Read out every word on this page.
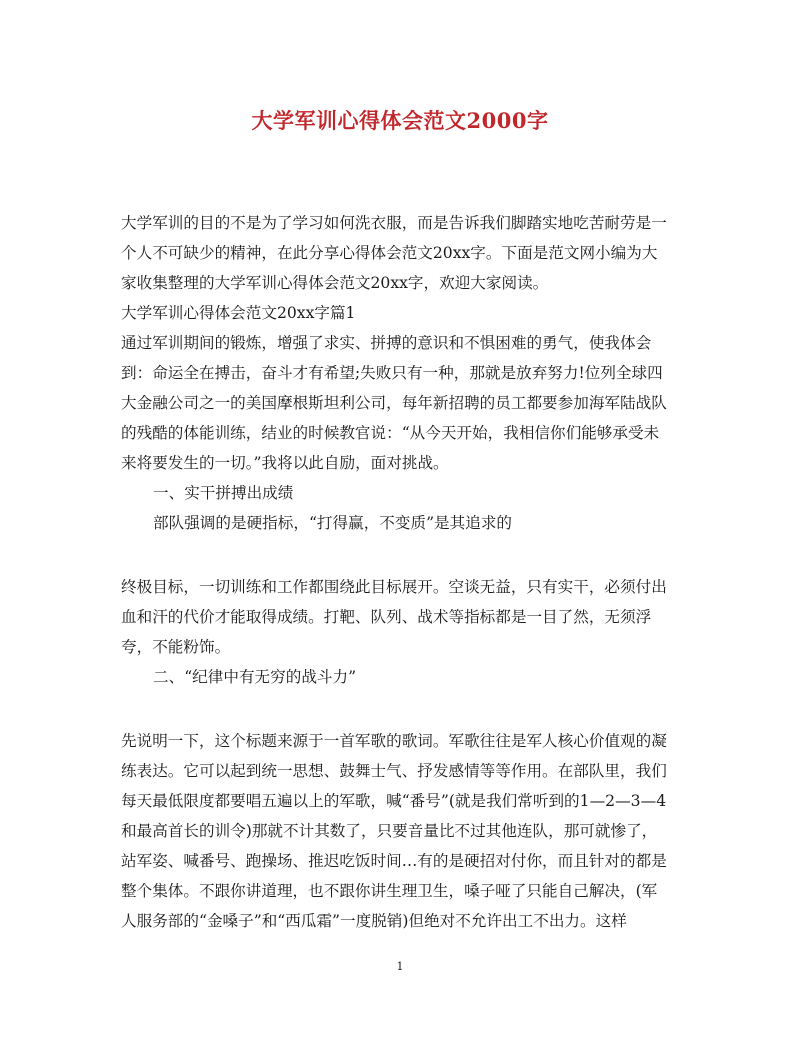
大学军训心得体会范文2000字

大学军训的目的不是为了学习如何洗衣服，而是告诉我们脚踏实地吃苦耐劳是一个人不可缺少的精神，在此分享心得体会范文20xx字。下面是范文网小编为大家收集整理的大学军训心得体会范文20xx字，欢迎大家阅读。

大学军训心得体会范文20xx字篇1

通过军训期间的锻炼，增强了求实、拼搏的意识和不惧困难的勇气，使我体会到：命运全在搏击，奋斗才有希望;失败只有一种，那就是放弃努力!位列全球四大金融公司之一的美国摩根斯坦利公司，每年新招聘的员工都要参加海军陆战队的残酷的体能训练，结业的时候教官说：“从今天开始，我相信你们能够承受未来将要发生的一切。”我将以此自励，面对挑战。

一、实干拼搏出成绩

部队强调的是硬指标，“打得赢，不变质”是其追求的

终极目标，一切训练和工作都围绕此目标展开。空谈无益，只有实干，必须付出血和汗的代价才能取得成绩。打靶、队列、战术等指标都是一目了然，无须浮夸，不能粉饰。

二、“纪律中有无穷的战斗力”

先说明一下，这个标题来源于一首军歌的歌词。军歌往往是军人核心价值观的凝练表达。它可以起到统一思想、鼓舞士气、抒发感情等等作用。在部队里，我们每天最低限度都要唱五遍以上的军歌，喊“番号”(就是我们常听到的1—2—3—4和最高首长的训令)那就不计其数了，只要音量比不过其他连队，那可就惨了，站军姿、喊番号、跑操场、推迟吃饭时间…有的是硬招对付你，而且针对的都是整个集体。不跟你讲道理，也不跟你讲生理卫生，嗓子哑了只能自己解决，(军人服务部的“金嗓子”和“西瓜霜”一度脱销)但绝对不允许出工不出力。这样

1
